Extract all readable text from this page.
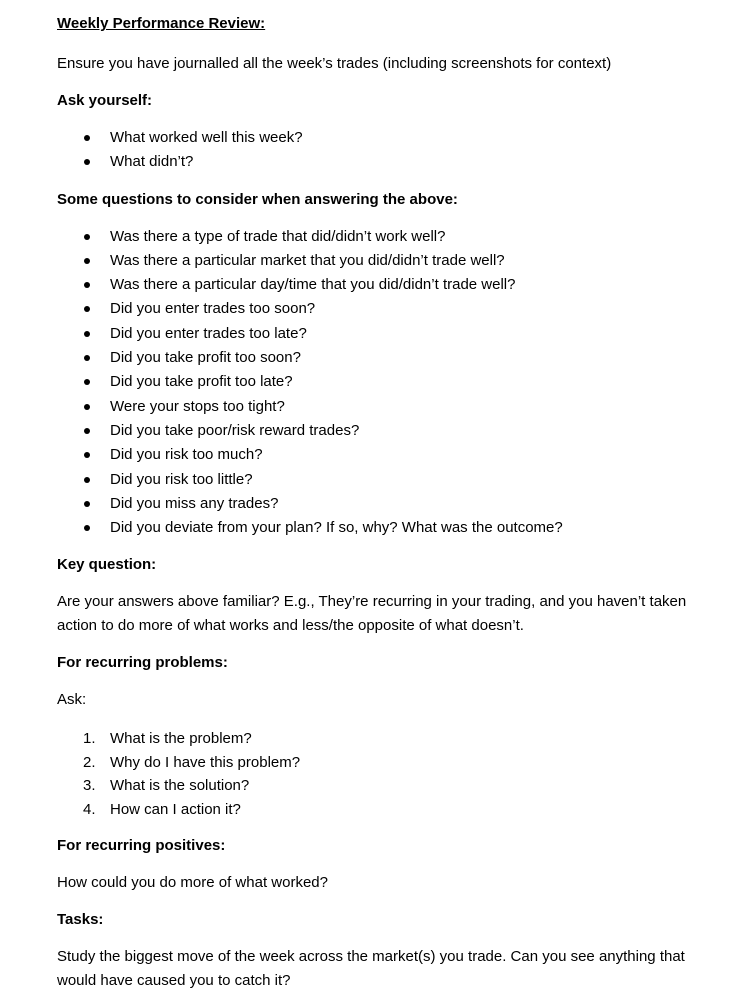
Weekly Performance Review:
Ensure you have journalled all the week’s trades (including screenshots for context)
Ask yourself:
What worked well this week?
What didn’t?
Some questions to consider when answering the above:
Was there a type of trade that did/didn’t work well?
Was there a particular market that you did/didn’t trade well?
Was there a particular day/time that you did/didn’t trade well?
Did you enter trades too soon?
Did you enter trades too late?
Did you take profit too soon?
Did you take profit too late?
Were your stops too tight?
Did you take poor/risk reward trades?
Did you risk too much?
Did you risk too little?
Did you miss any trades?
Did you deviate from your plan? If so, why? What was the outcome?
Key question:
Are your answers above familiar? E.g., They’re recurring in your trading, and you haven’t taken action to do more of what works and less/the opposite of what doesn’t.
For recurring problems:
Ask:
1. What is the problem?
2. Why do I have this problem?
3. What is the solution?
4. How can I action it?
For recurring positives:
How could you do more of what worked?
Tasks:
Study the biggest move of the week across the market(s) you trade. Can you see anything that would have caused you to catch it?
